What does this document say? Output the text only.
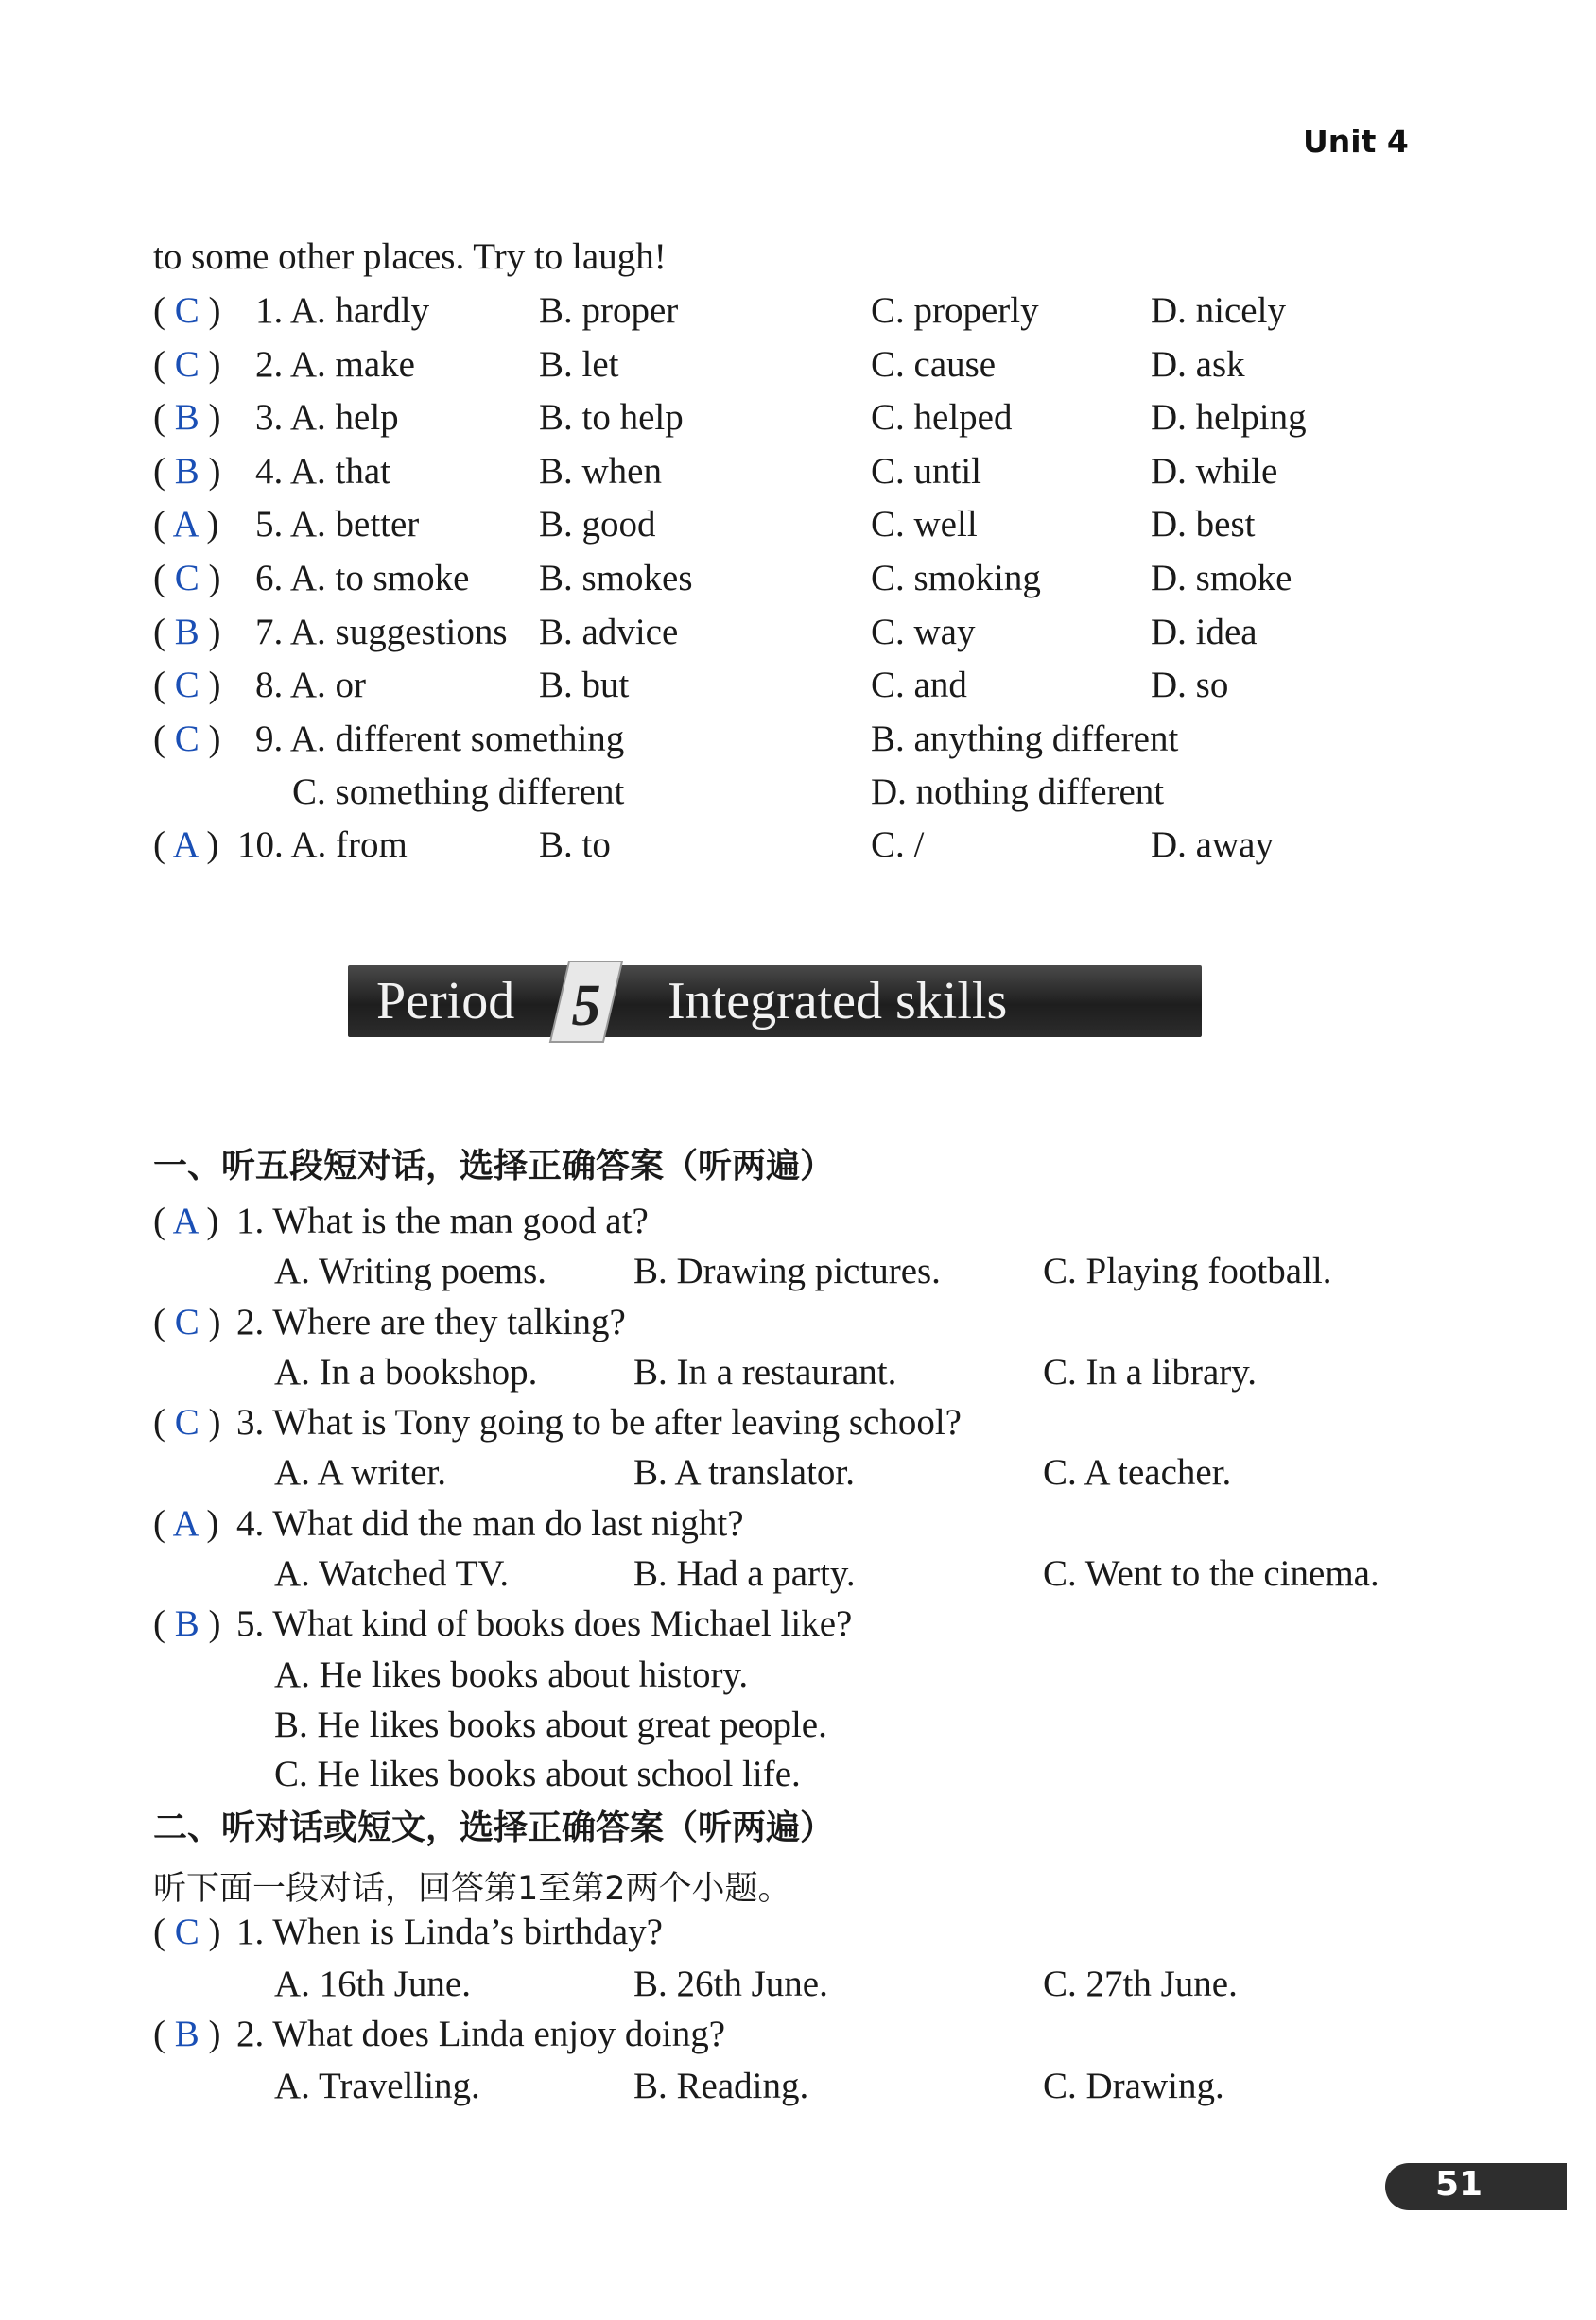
Unit 4
to some other places. Try to laugh!
( C ) 1. A. hardly	B. proper	C. properly	D. nicely
( C ) 2. A. make	B. let	C. cause	D. ask
( B ) 3. A. help	B. to help	C. helped	D. helping
( B ) 4. A. that	B. when	C. until	D. while
( A ) 5. A. better	B. good	C. well	D. best
( C ) 6. A. to smoke B. smokes	C. smoking	D. smoke
( B ) 7. A. suggestions B. advice	C. way	D. idea
( C ) 8. A. or	B. but	C. and	D. so
( C ) 9. A. different something	B. anything different
C. something different	D. nothing different
( A ) 10. A. from	B. to	C. /	D. away
Period 5 Integrated skills
一、听五段短对话，选择正确答案（听两遍）
( A ) 1. What is the man good at?
A. Writing poems. B. Drawing pictures.	C. Playing football.
( C ) 2. Where are they talking?
A. In a bookshop.	B. In a restaurant.	C. In a library.
( C ) 3. What is Tony going to be after leaving school?
A. A writer.	B. A translator.	C. A teacher.
( A ) 4. What did the man do last night?
A. Watched TV.	B. Had a party.	C. Went to the cinema.
( B ) 5. What kind of books does Michael like?
A. He likes books about history.
B. He likes books about great people.
C. He likes books about school life.
二、听对话或短文，选择正确答案（听两遍）
听下面一段对话，回答第1至第2两个小题。
( C ) 1. When is Linda’s birthday?
A. 16th June.	B. 26th June.	C. 27th June.
( B ) 2. What does Linda enjoy doing?
A. Travelling.	B. Reading.	C. Drawing.
51
